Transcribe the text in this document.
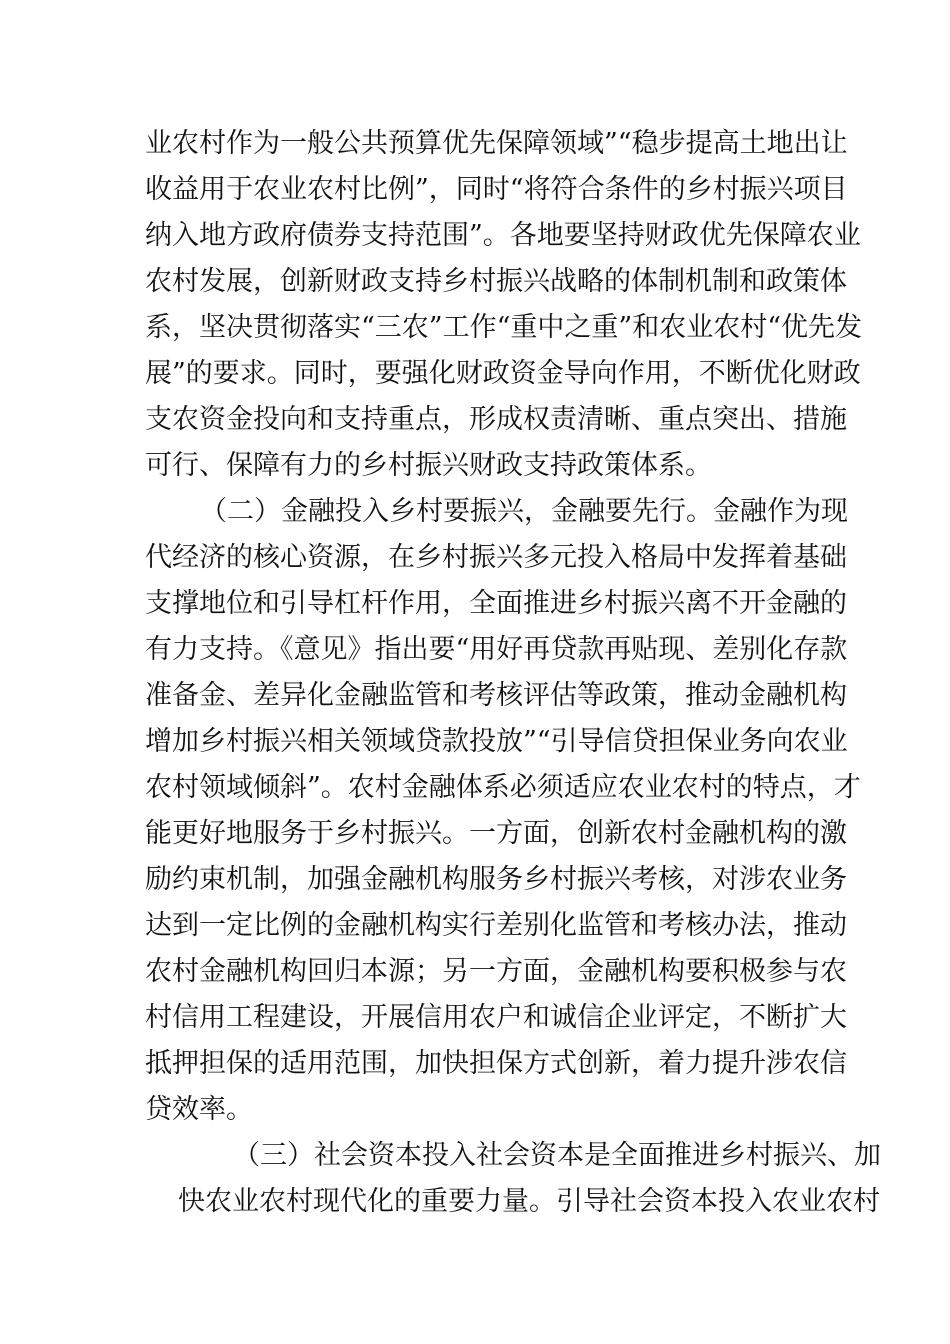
业农村作为一般公共预算优先保障领域”“稳步提高土地出让
收益用于农业农村比例”，同时“将符合条件的乡村振兴项目
纳入地方政府债券支持范围”。各地要坚持财政优先保障农业
农村发展，创新财政支持乡村振兴战略的体制机制和政策体
系，坚决贯彻落实“三农”工作“重中之重”和农业农村“优先发
展”的要求。同时，要强化财政资金导向作用，不断优化财政
支农资金投向和支持重点，形成权责清晰、重点突出、措施
可行、保障有力的乡村振兴财政支持政策体系。
（二）金融投入乡村要振兴，金融要先行。金融作为现
代经济的核心资源，在乡村振兴多元投入格局中发挥着基础
支撑地位和引导杠杆作用，全面推进乡村振兴离不开金融的
有力支持。《意见》指出要“用好再贷款再贴现、差别化存款
准备金、差异化金融监管和考核评估等政策，推动金融机构
增加乡村振兴相关领域贷款投放”“引导信贷担保业务向农业
农村领域倾斜”。农村金融体系必须适应农业农村的特点，才
能更好地服务于乡村振兴。一方面，创新农村金融机构的激
励约束机制，加强金融机构服务乡村振兴考核，对涉农业务
达到一定比例的金融机构实行差别化监管和考核办法，推动
农村金融机构回归本源；另一方面，金融机构要积极参与农
村信用工程建设，开展信用农户和诚信企业评定，不断扩大
抵押担保的适用范围，加快担保方式创新，着力提升涉农信
贷效率。
（三）社会资本投入社会资本是全面推进乡村振兴、加
快农业农村现代化的重要力量。引导社会资本投入农业农村
